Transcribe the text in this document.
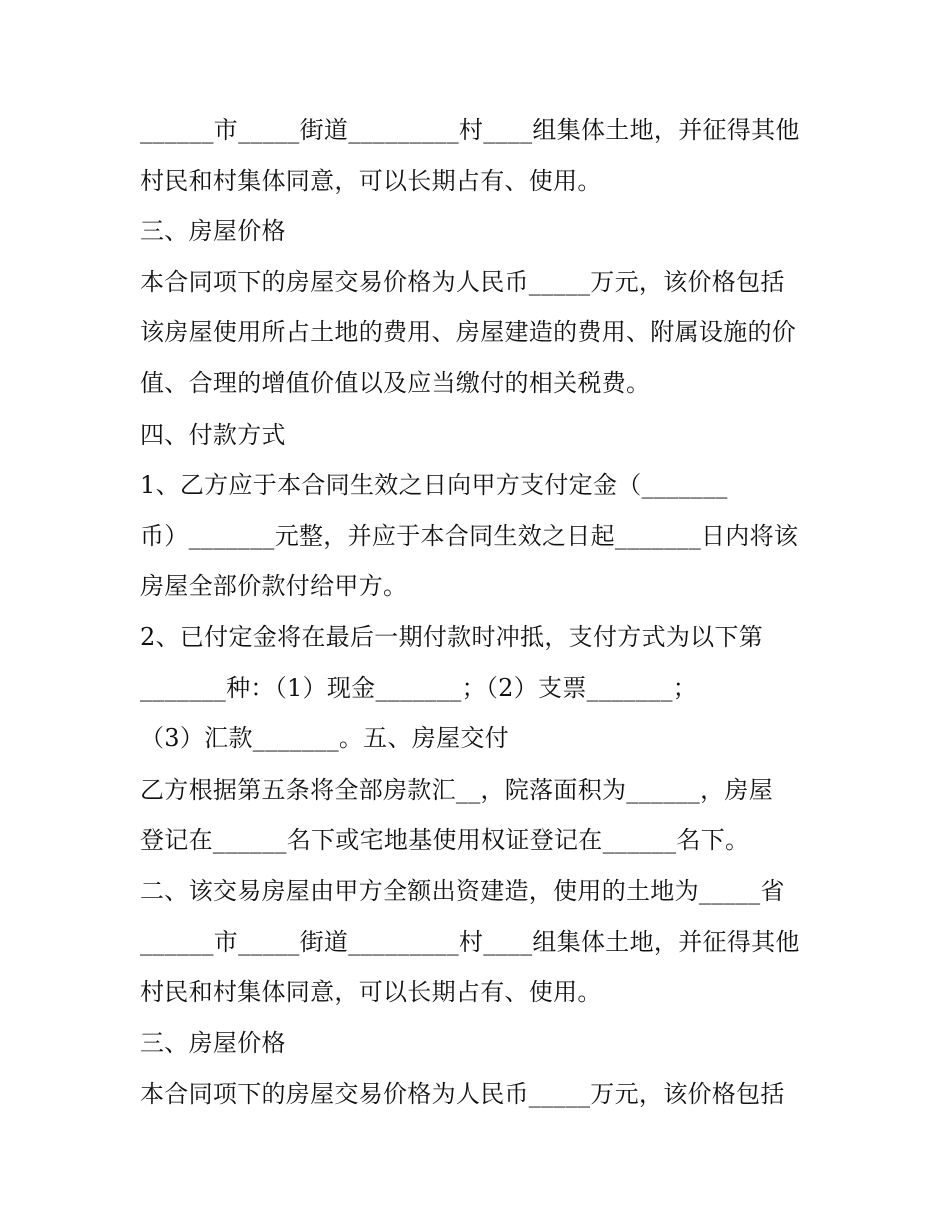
______市_____街道_________村____组集体土地，并征得其他
村民和村集体同意，可以长期占有、使用。
三、房屋价格
本合同项下的房屋交易价格为人民币_____万元，该价格包括
该房屋使用所占土地的费用、房屋建造的费用、附属设施的价
值、合理的增值价值以及应当缴付的相关税费。
四、付款方式
1、乙方应于本合同生效之日向甲方支付定金（_______
币）_______元整，并应于本合同生效之日起_______日内将该
房屋全部价款付给甲方。
2、已付定金将在最后一期付款时冲抵，支付方式为以下第
_______种：（1）现金_______；（2）支票_______；
（3）汇款_______。五、房屋交付
乙方根据第五条将全部房款汇__，院落面积为______，房屋
登记在______名下或宅地基使用权证登记在______名下。
二、该交易房屋由甲方全额出资建造，使用的土地为_____省
______市_____街道_________村____组集体土地，并征得其他
村民和村集体同意，可以长期占有、使用。
三、房屋价格
本合同项下的房屋交易价格为人民币_____万元，该价格包括
